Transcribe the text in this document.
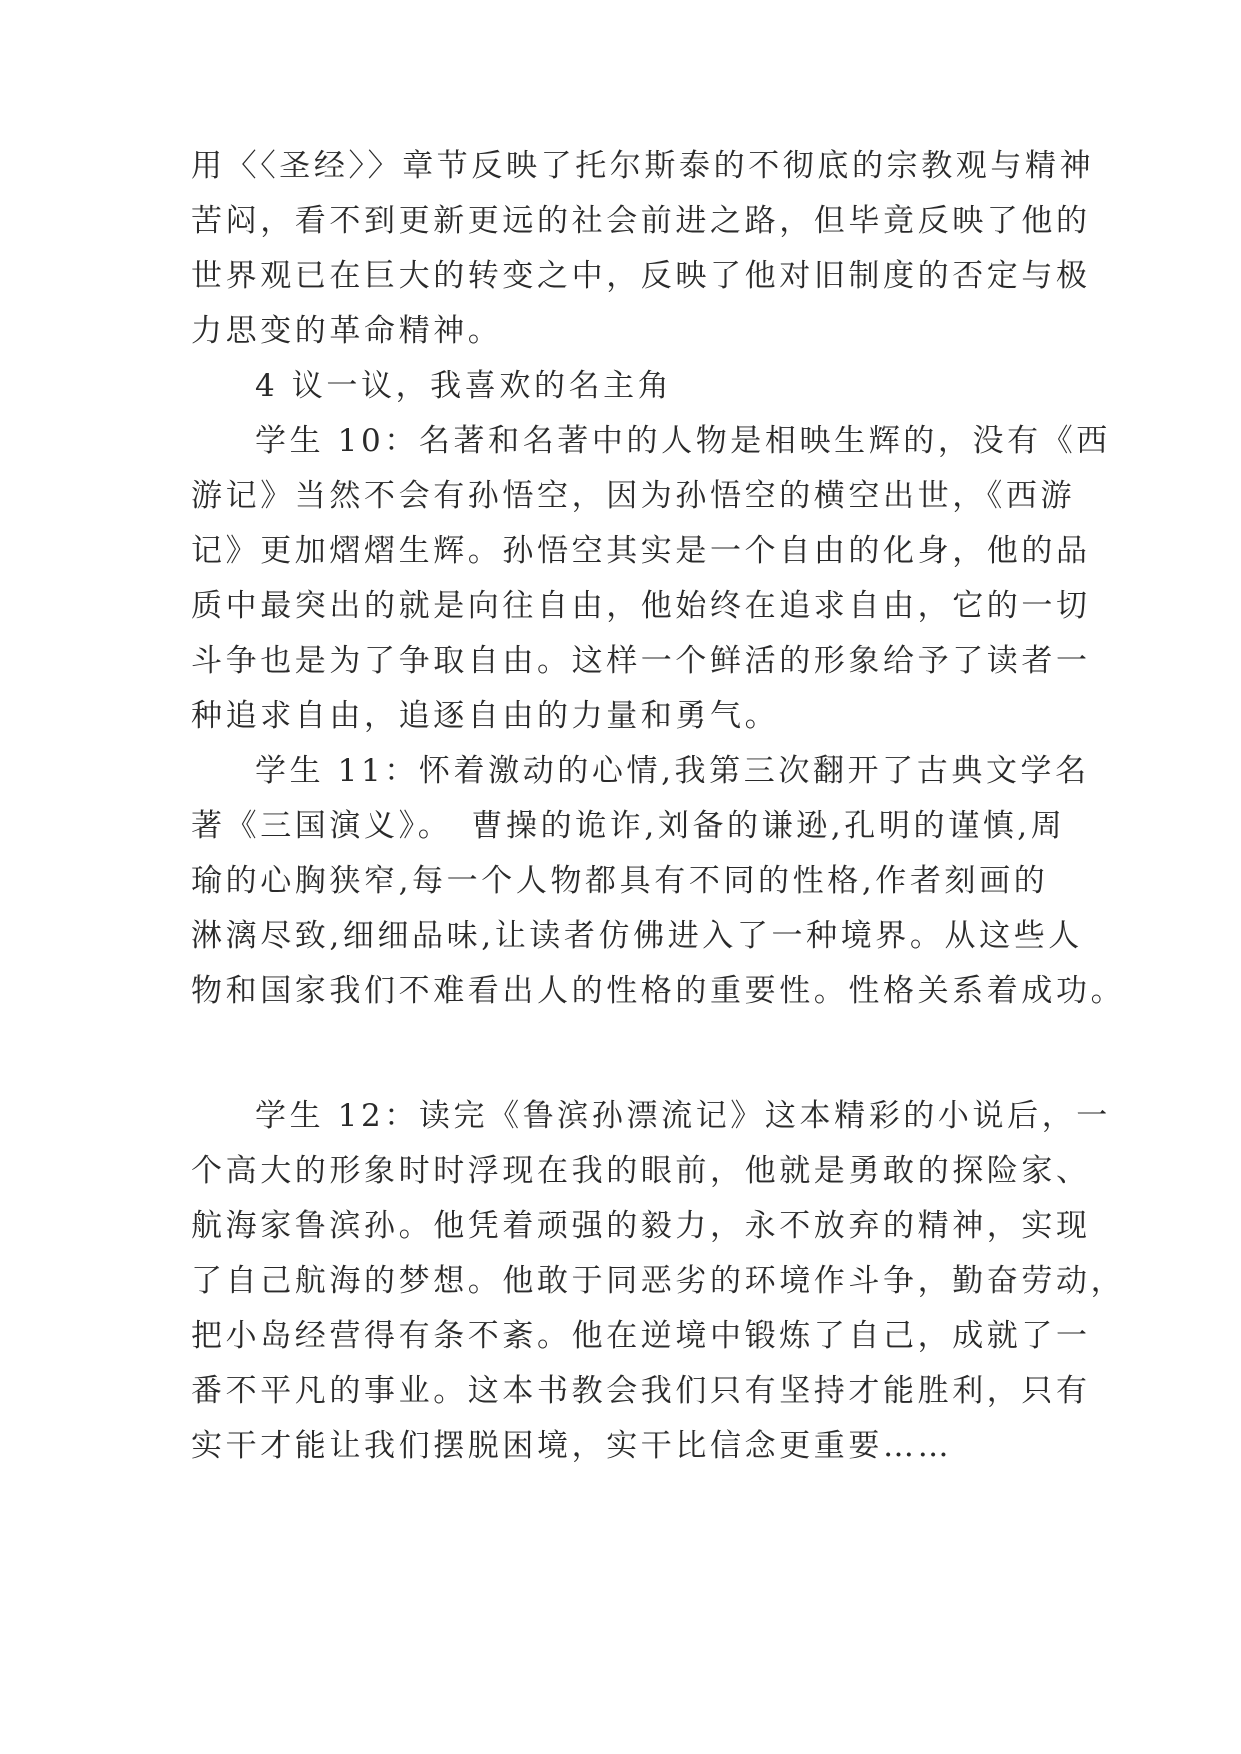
用〈〈圣经〉〉章节反映了托尔斯泰的不彻底的宗教观与精神
苦闷，看不到更新更远的社会前进之路，但毕竟反映了他的
世界观已在巨大的转变之中，反映了他对旧制度的否定与极
力思变的革命精神。
4 议一议，我喜欢的名主角
学生 10：名著和名著中的人物是相映生辉的，没有《西
游记》当然不会有孙悟空，因为孙悟空的横空出世，《西游
记》更加熠熠生辉。孙悟空其实是一个自由的化身，他的品
质中最突出的就是向往自由，他始终在追求自由，它的一切
斗争也是为了争取自由。这样一个鲜活的形象给予了读者一
种追求自由，追逐自由的力量和勇气。
学生 11：怀着激动的心情,我第三次翻开了古典文学名
著《三国演义》。　曹操的诡诈,刘备的谦逊,孔明的谨慎,周
瑜的心胸狭窄,每一个人物都具有不同的性格,作者刻画的
淋漓尽致,细细品味,让读者仿佛进入了一种境界。从这些人
物和国家我们不难看出人的性格的重要性。性格关系着成功。
学生 12：读完《鲁滨孙漂流记》这本精彩的小说后，一
个高大的形象时时浮现在我的眼前，他就是勇敢的探险家、
航海家鲁滨孙。他凭着顽强的毅力，永不放弃的精神，实现
了自己航海的梦想。他敢于同恶劣的环境作斗争，勤奋劳动，
把小岛经营得有条不紊。他在逆境中锻炼了自己，成就了一
番不平凡的事业。这本书教会我们只有坚持才能胜利，只有
实干才能让我们摆脱困境，实干比信念更重要……
